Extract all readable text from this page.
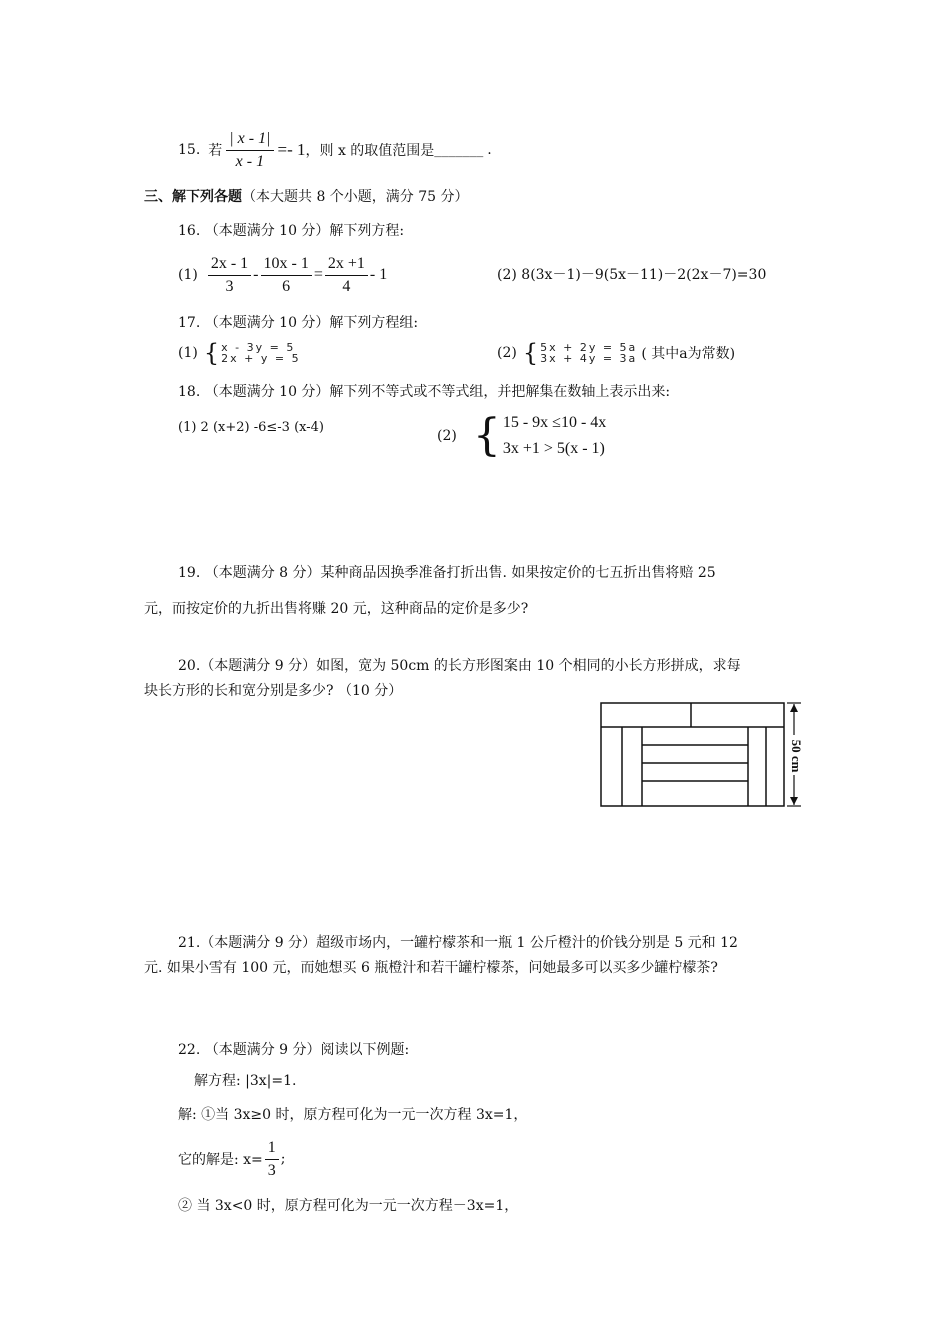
15. 若 $\frac{| x - 1|}{x - 1} =- 1$ ，则 x 的取值范围是 _______ .
三、解下列各题（本大题共 8 个小题，满分 75 分）
16. （本题满分 10 分）解下列方程:
$(1) \frac{2x - 1}{3} - \frac{10x - 1}{6} = \frac{2x +1}{4} - 1$	(2) 8(3x－1)－9(5x－11)－2(2x－7)=30
17. （本题满分 10 分）解下列方程组:
(1) { x - 3y = 5
2x + y = 5	(2) { 5x + 2y = 5a
3x + 4y = 3a ( 其中a为常数)
18. （本题满分 10 分）解下列不等式或不等式组，并把解集在数轴上表示出来:
(1) 2 (x+2) -6≤-3 (x-4)
(2) { 15 - 9x ≤10 - 4x
3x +1 > 5(x - 1)
19. （本题满分 8 分）某种商品因换季准备打折出售. 如果按定价的七五折出售将赔 25
元，而按定价的九折出售将赚 20 元，这种商品的定价是多少?
20.（本题满分 9 分）如图，宽为 50cm 的长方形图案由 10 个相同的小长方形拼成，求每
块长方形的长和宽分别是多少? （10 分）
50 cm
21.（本题满分 9 分）超级市场内，一罐柠檬茶和一瓶 1 公斤橙汁的价钱分别是 5 元和 12
元. 如果小雪有 100 元，而她想买 6 瓶橙汁和若干罐柠檬茶，问她最多可以买多少罐柠檬茶?
22. （本题满分 9 分）阅读以下例题:
解方程: |3x|=1.
解: ①当 3x≥0 时，原方程可化为一元一次方程 3x=1，
它的解是: $x= \frac{1}{3}$ ;
② 当 3x<0 时，原方程可化为一元一次方程－3x=1，
